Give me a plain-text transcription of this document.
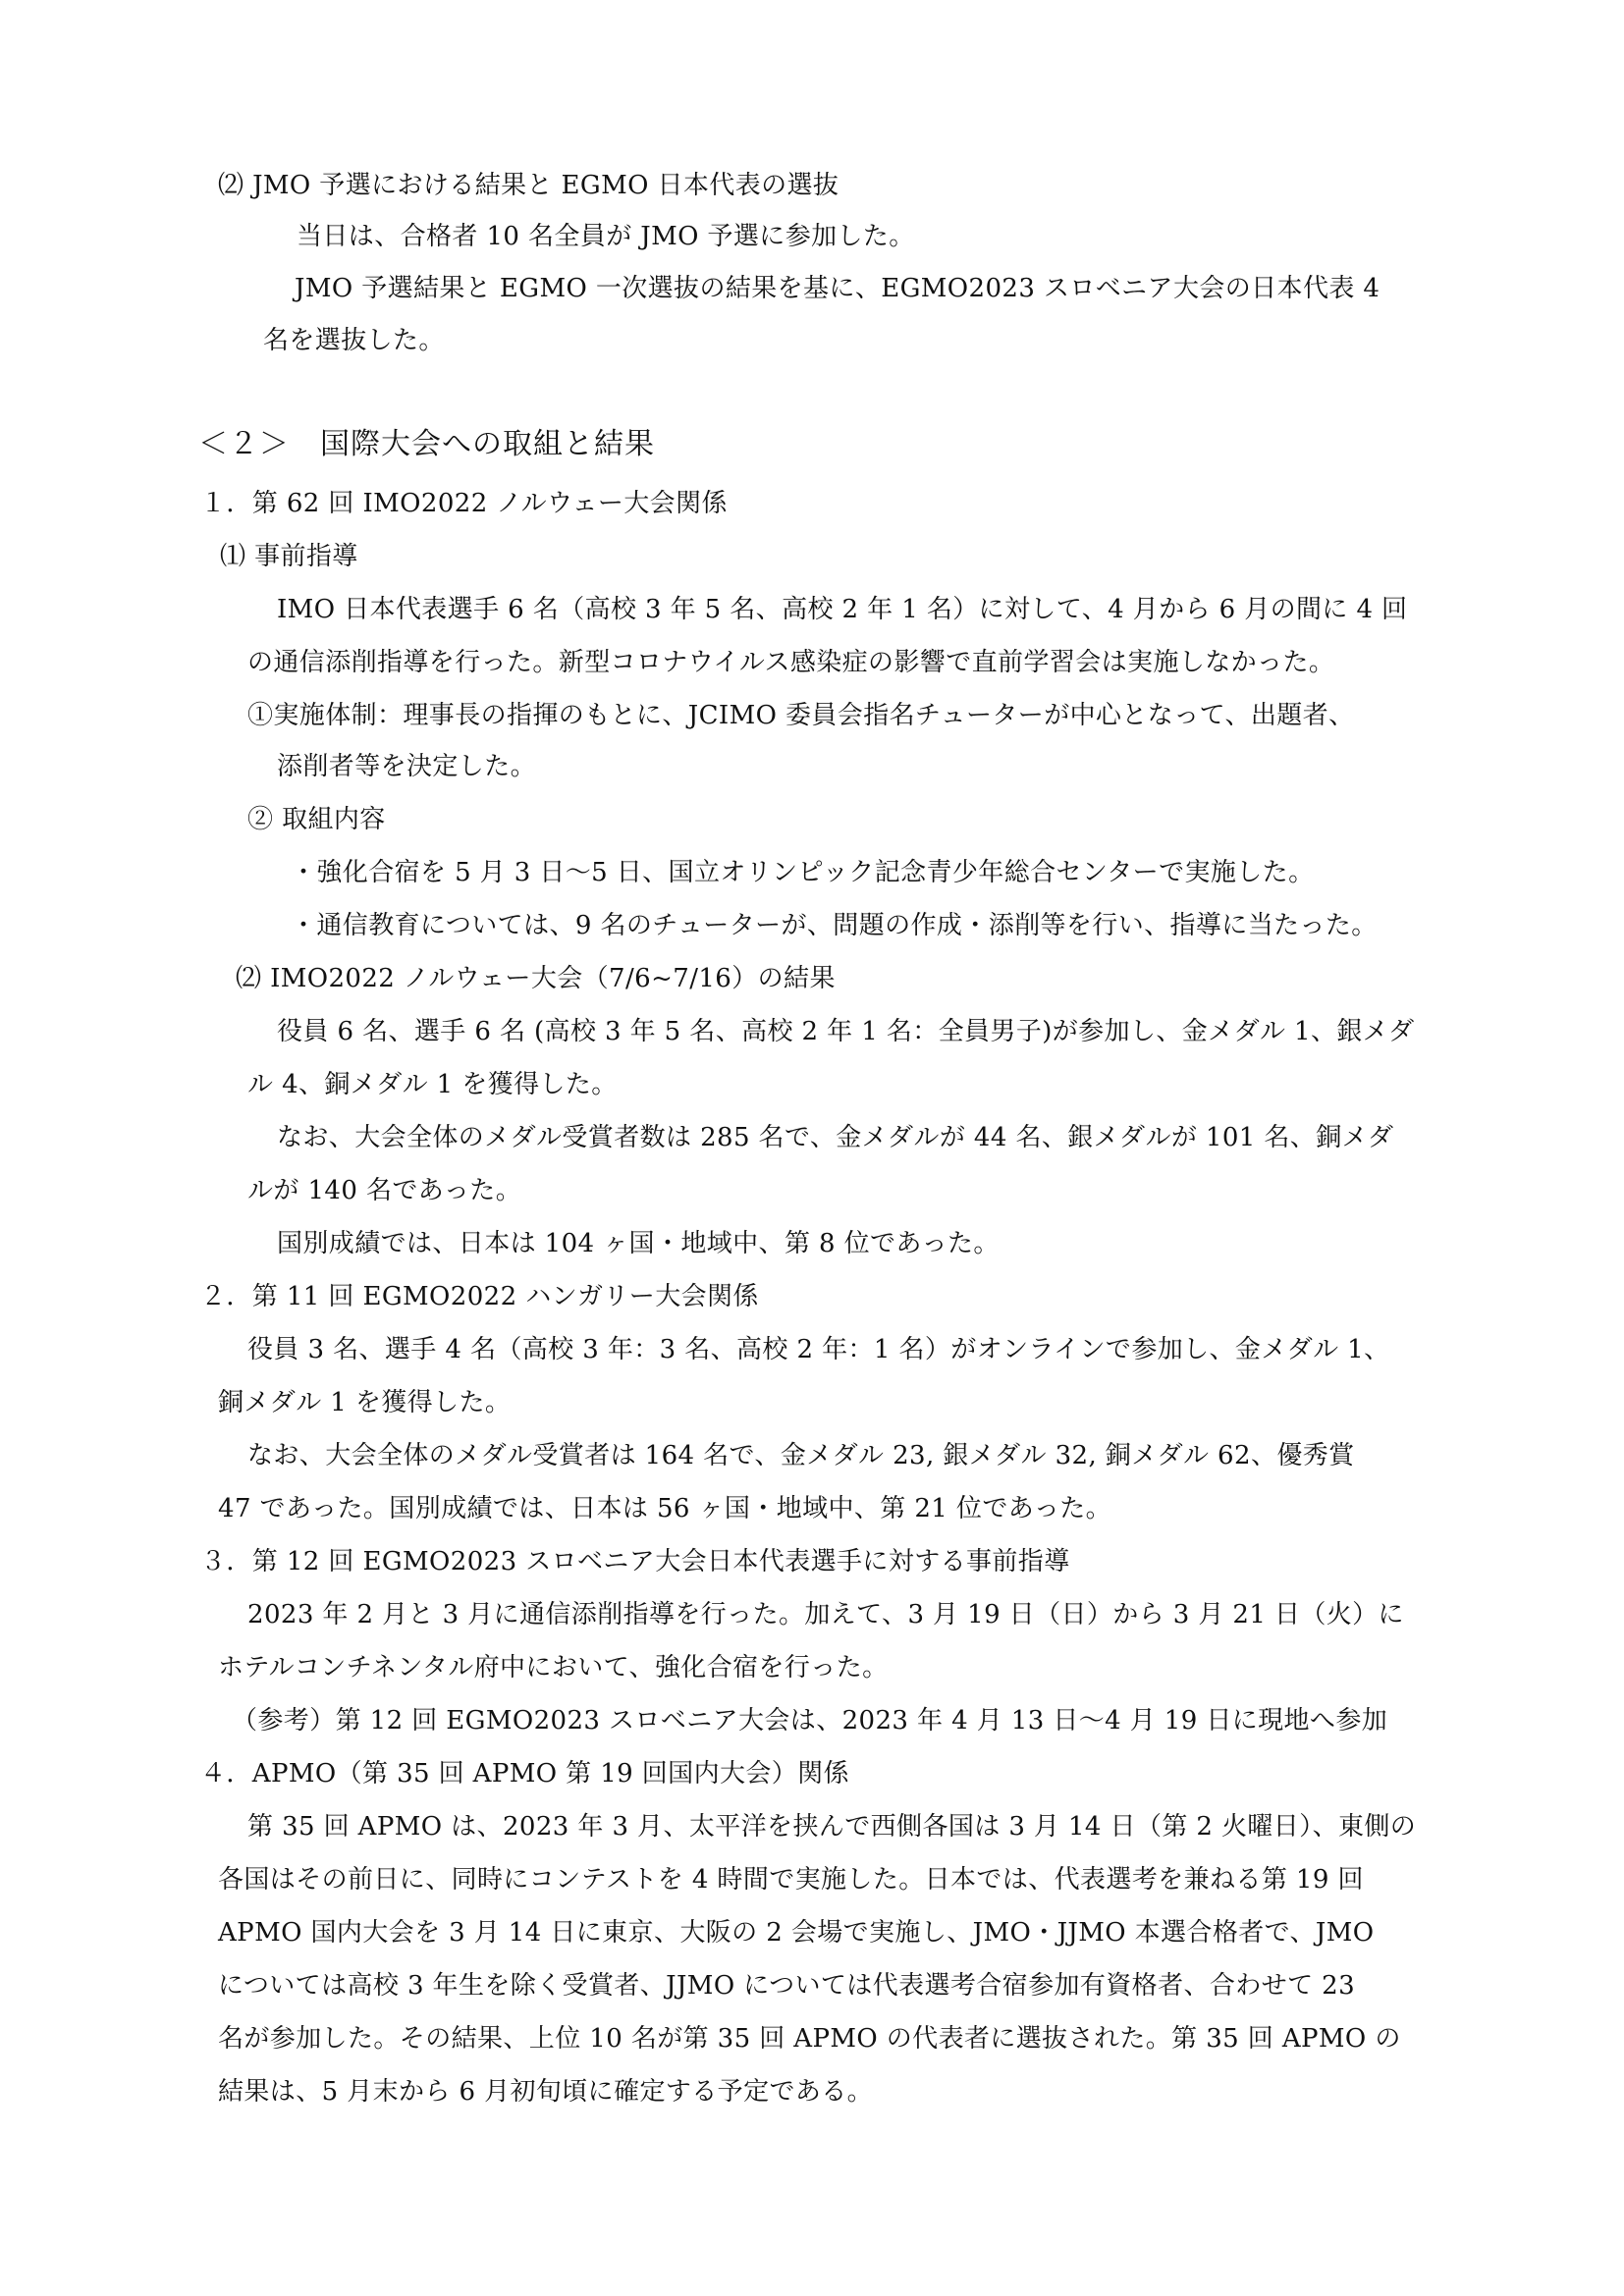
⑵ JMO 予選における結果と EGMO 日本代表の選抜
当日は、合格者 10 名全員が JMO 予選に参加した。
JMO 予選結果と EGMO 一次選抜の結果を基に、EGMO2023 スロベニア大会の日本代表 4
名を選抜した。
＜２＞　国際大会への取組と結果
１．第 62 回 IMO2022 ノルウェー大会関係
⑴ 事前指導
IMO 日本代表選手 6 名（高校 3 年 5 名、高校 2 年 1 名）に対して、4 月から 6 月の間に 4 回
の通信添削指導を行った。新型コロナウイルス感染症の影響で直前学習会は実施しなかった。
①実施体制：理事長の指揮のもとに、JCIMO 委員会指名チューターが中心となって、出題者、
添削者等を決定した。
② 取組内容
・強化合宿を 5 月 3 日〜5 日、国立オリンピック記念青少年総合センターで実施した。
・通信教育については、9 名のチューターが、問題の作成・添削等を行い、指導に当たった。
⑵ IMO2022 ノルウェー大会（7/6~7/16）の結果
役員 6 名、選手 6 名 (高校 3 年 5 名、高校 2 年 1 名：全員男子)が参加し、金メダル 1、銀メダ
ル 4、銅メダル 1 を獲得した。
なお、大会全体のメダル受賞者数は 285 名で、金メダルが 44 名、銀メダルが 101 名、銅メダ
ルが 140 名であった。
国別成績では、日本は 104 ヶ国・地域中、第 8 位であった。
２．第 11 回 EGMO2022 ハンガリー大会関係
役員 3 名、選手 4 名（高校 3 年：3 名、高校 2 年：1 名）がオンラインで参加し、金メダル 1、
銅メダル 1 を獲得した。
なお、大会全体のメダル受賞者は 164 名で、金メダル 23, 銀メダル 32, 銅メダル 62、優秀賞
47 であった。国別成績では、日本は 56 ヶ国・地域中、第 21 位であった。
３．第 12 回 EGMO2023 スロベニア大会日本代表選手に対する事前指導
2023 年 2 月と 3 月に通信添削指導を行った。加えて、3 月 19 日（日）から 3 月 21 日（火）に
ホテルコンチネンタル府中において、強化合宿を行った。
（参考）第 12 回 EGMO2023 スロベニア大会は、2023 年 4 月 13 日〜4 月 19 日に現地へ参加
４．APMO（第 35 回 APMO 第 19 回国内大会）関係
第 35 回 APMO は、2023 年 3 月、太平洋を挟んで西側各国は 3 月 14 日（第 2 火曜日）、東側の
各国はその前日に、同時にコンテストを 4 時間で実施した。日本では、代表選考を兼ねる第 19 回
APMO 国内大会を 3 月 14 日に東京、大阪の 2 会場で実施し、JMO・JJMO 本選合格者で、JMO
については高校 3 年生を除く受賞者、JJMO については代表選考合宿参加有資格者、合わせて 23
名が参加した。その結果、上位 10 名が第 35 回 APMO の代表者に選抜された。第 35 回 APMO の
結果は、5 月末から 6 月初旬頃に確定する予定である。
